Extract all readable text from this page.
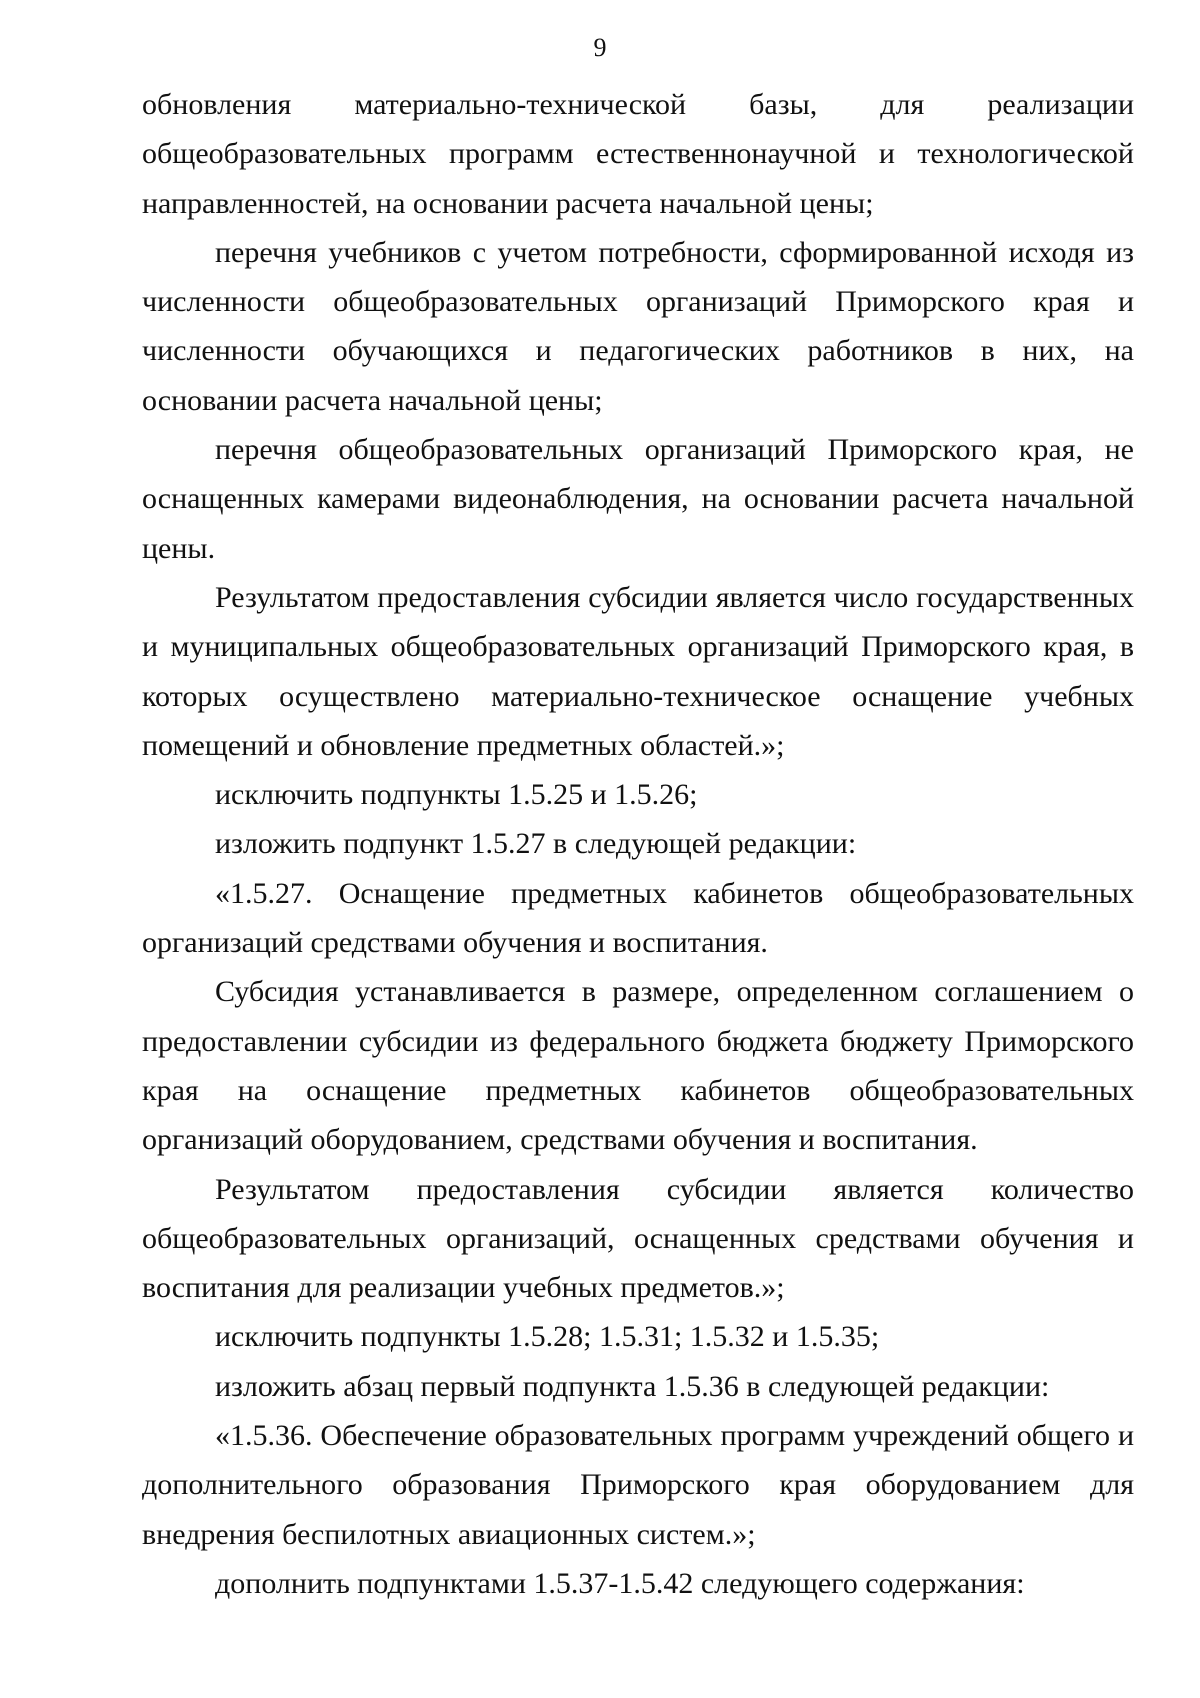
9

обновления материально-технической базы, для реализации общеобразовательных программ естественнонаучной и технологической направленностей, на основании расчета начальной цены;

перечня учебников с учетом потребности, сформированной исходя из численности общеобразовательных организаций Приморского края и численности обучающихся и педагогических работников в них, на основании расчета начальной цены;

перечня общеобразовательных организаций Приморского края, не оснащенных камерами видеонаблюдения, на основании расчета начальной цены.

Результатом предоставления субсидии является число государственных и муниципальных общеобразовательных организаций Приморского края, в которых осуществлено материально-техническое оснащение учебных помещений и обновление предметных областей.»;

исключить подпункты 1.5.25 и 1.5.26;

изложить подпункт 1.5.27 в следующей редакции:

«1.5.27. Оснащение предметных кабинетов общеобразовательных организаций средствами обучения и воспитания.

Субсидия устанавливается в размере, определенном соглашением о предоставлении субсидии из федерального бюджета бюджету Приморского края на оснащение предметных кабинетов общеобразовательных организаций оборудованием, средствами обучения и воспитания.

Результатом предоставления субсидии является количество общеобразовательных организаций, оснащенных средствами обучения и воспитания для реализации учебных предметов.»;

исключить подпункты 1.5.28; 1.5.31; 1.5.32 и 1.5.35;

изложить абзац первый подпункта 1.5.36 в следующей редакции:

«1.5.36. Обеспечение образовательных программ учреждений общего и дополнительного образования Приморского края оборудованием для внедрения беспилотных авиационных систем.»;

дополнить подпунктами 1.5.37-1.5.42 следующего содержания:
